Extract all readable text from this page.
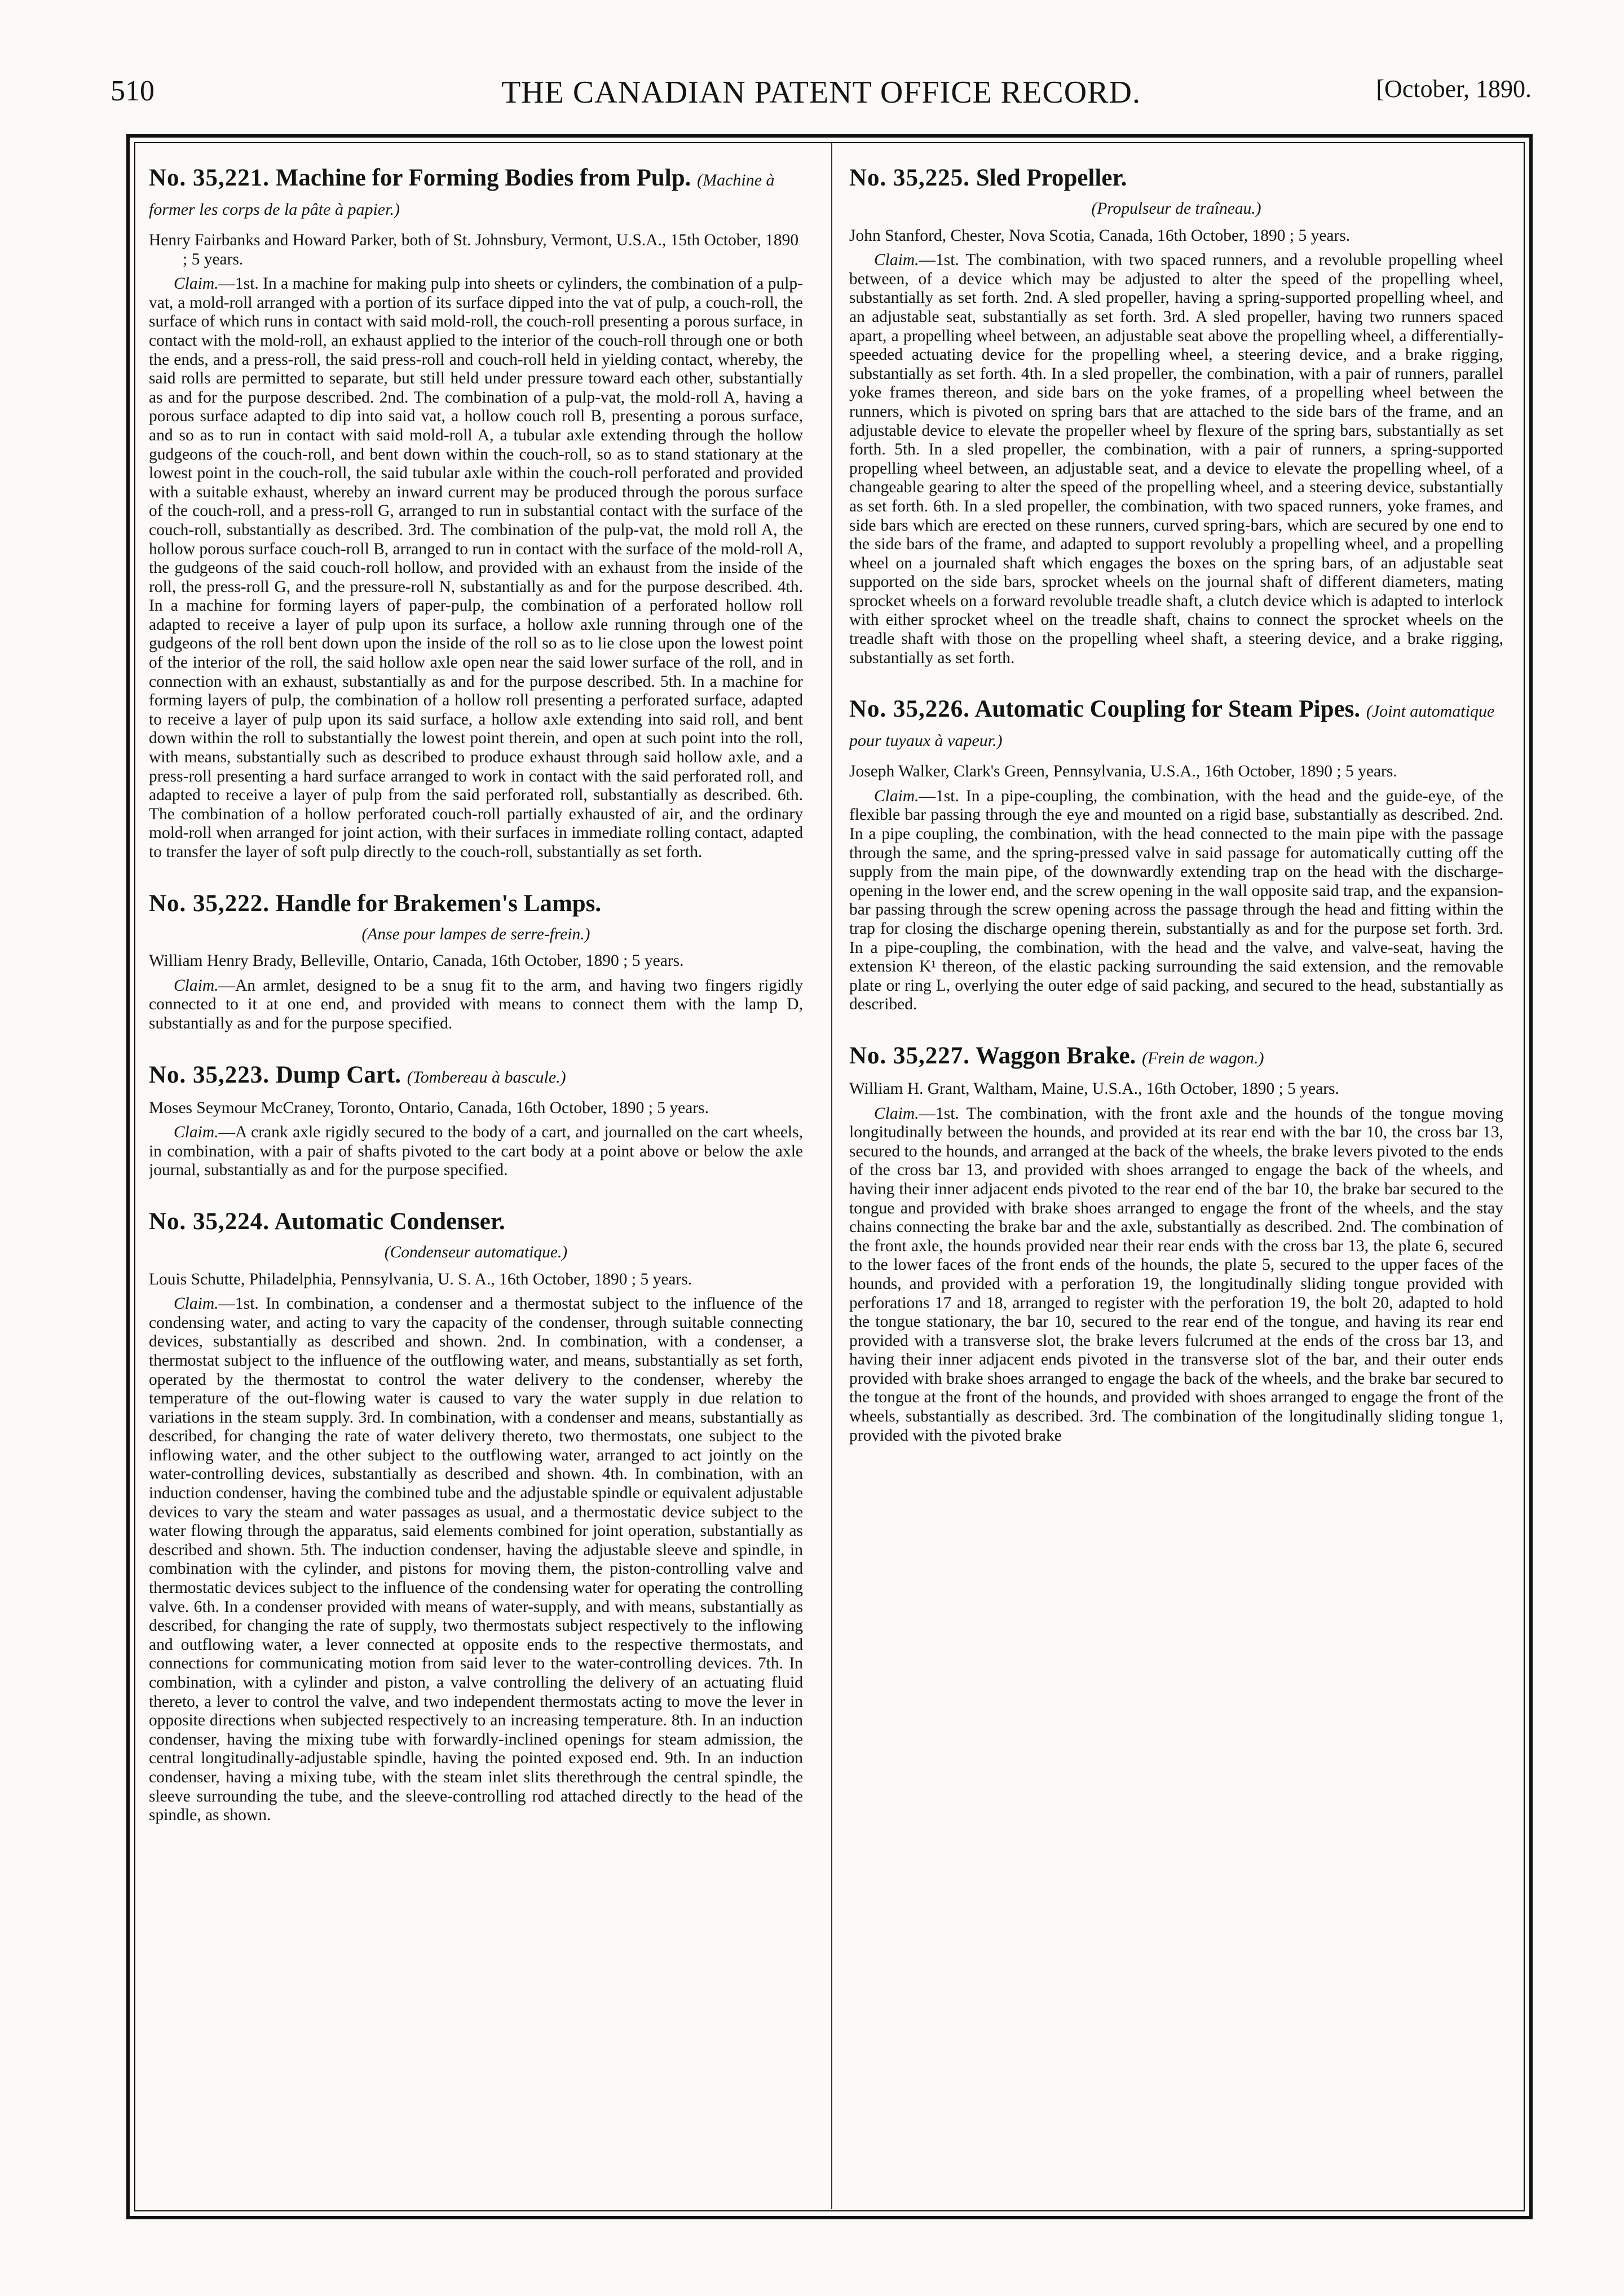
510	THE CANADIAN PATENT OFFICE RECORD.	[October, 1890.

No. 35,221. Machine for Forming Bodies from Pulp. (Machine à former les corps de la pâte à papier.)

Henry Fairbanks and Howard Parker, both of St. Johnsbury, Vermont, U.S.A., 15th October, 1890 ; 5 years.

Claim.—1st. In a machine for making pulp into sheets or cylinders, the combination of a pulp-vat, a mold-roll arranged with a portion of its surface dipped into the vat of pulp, a couch-roll, the surface of which runs in contact with said mold-roll, the couch-roll presenting a porous surface, in contact with the mold-roll, an exhaust applied to the interior of the couch-roll through one or both the ends, and a press-roll, the said press-roll and couch-roll held in yielding contact, whereby, the said rolls are permitted to separate, but still held under pressure toward each other, substantially as and for the purpose described. 2nd. The combination of a pulp-vat, the mold-roll A, having a porous surface adapted to dip into said vat, a hollow couch roll B, presenting a porous surface, and so as to run in contact with said mold-roll A, a tubular axle extending through the hollow gudgeons of the couch-roll, and bent down within the couch-roll, so as to stand stationary at the lowest point in the couch-roll, the said tubular axle within the couch-roll perforated and provided with a suitable exhaust, whereby an inward current may be produced through the porous surface of the couch-roll, and a press-roll G, arranged to run in substantial contact with the surface of the couch-roll, substantially as described. 3rd. The combination of the pulp-vat, the mold roll A, the hollow porous surface couch-roll B, arranged to run in contact with the surface of the mold-roll A, the gudgeons of the said couch-roll hollow, and provided with an exhaust from the inside of the roll, the press-roll G, and the pressure-roll N, substantially as and for the purpose described. 4th. In a machine for forming layers of paper-pulp, the combination of a perforated hollow roll adapted to receive a layer of pulp upon its surface, a hollow axle running through one of the gudgeons of the roll bent down upon the inside of the roll so as to lie close upon the lowest point of the interior of the roll, the said hollow axle open near the said lower surface of the roll, and in connection with an exhaust, substantially as and for the purpose described. 5th. In a machine for forming layers of pulp, the combination of a hollow roll presenting a perforated surface, adapted to receive a layer of pulp upon its said surface, a hollow axle extending into said roll, and bent down within the roll to substantially the lowest point therein, and open at such point into the roll, with means, substantially such as described to produce exhaust through said hollow axle, and a press-roll presenting a hard surface arranged to work in contact with the said perforated roll, and adapted to receive a layer of pulp from the said perforated roll, substantially as described. 6th. The combination of a hollow perforated couch-roll partially exhausted of air, and the ordinary mold-roll when arranged for joint action, with their surfaces in immediate rolling contact, adapted to transfer the layer of soft pulp directly to the couch-roll, substantially as set forth.

No. 35,222. Handle for Brakemen's Lamps.

(Anse pour lampes de serre-frein.)

William Henry Brady, Belleville, Ontario, Canada, 16th October, 1890 ; 5 years.

Claim.—An armlet, designed to be a snug fit to the arm, and having two fingers rigidly connected to it at one end, and provided with means to connect them with the lamp D, substantially as and for the purpose specified.

No. 35,223. Dump Cart. (Tombereau à bascule.)

Moses Seymour McCraney, Toronto, Ontario, Canada, 16th October, 1890 ; 5 years.

Claim.—A crank axle rigidly secured to the body of a cart, and journalled on the cart wheels, in combination, with a pair of shafts pivoted to the cart body at a point above or below the axle journal, substantially as and for the purpose specified.

No. 35,224. Automatic Condenser.

(Condenseur automatique.)

Louis Schutte, Philadelphia, Pennsylvania, U. S. A., 16th October, 1890 ; 5 years.

Claim.—1st. In combination, a condenser and a thermostat subject to the influence of the condensing water, and acting to vary the capacity of the condenser, through suitable connecting devices, substantially as described and shown. 2nd. In combination, with a condenser, a thermostat subject to the influence of the outflowing water, and means, substantially as set forth, operated by the thermostat to control the water delivery to the condenser, whereby the temperature of the out-flowing water is caused to vary the water supply in due relation to variations in the steam supply. 3rd. In combination, with a condenser and means, substantially as described, for changing the rate of water delivery thereto, two thermostats, one subject to the inflowing water, and the other subject to the outflowing water, arranged to act jointly on the water-controlling devices, substantially as described and shown. 4th. In combination, with an induction condenser, having the combined tube and the adjustable spindle or equivalent adjustable devices to vary the steam and water passages as usual, and a thermostatic device subject to the water flowing through the apparatus, said elements combined for joint operation, substantially as described and shown. 5th. The induction condenser, having the adjustable sleeve and spindle, in combination with the cylinder, and pistons for moving them, the piston-controlling valve and thermostatic devices subject to the influence of the condensing water for operating the controlling valve. 6th. In a condenser provided with means of water-supply, and with means, substantially as described, for changing the rate of supply, two thermostats subject respectively to the inflowing and outflowing water, a lever connected at opposite ends to the respective thermostats, and connections for communicating motion from said lever to the water-controlling devices. 7th. In combination, with a cylinder and piston, a valve controlling the delivery of an actuating fluid thereto, a lever to control the valve, and two independent thermostats acting to move the lever in opposite directions when subjected respectively to an increasing temperature. 8th. In an induction condenser, having the mixing tube with forwardly-inclined openings for steam admission, the central longitudinally-adjustable spindle, having the pointed exposed end. 9th. In an induction condenser, having a mixing tube, with the steam inlet slits therethrough the central spindle, the sleeve surrounding the tube, and the sleeve-controlling rod attached directly to the head of the spindle, as shown.

No. 35,225. Sled Propeller.

(Propulseur de traîneau.)

John Stanford, Chester, Nova Scotia, Canada, 16th October, 1890 ; 5 years.

Claim.—1st. The combination, with two spaced runners, and a revoluble propelling wheel between, of a device which may be adjusted to alter the speed of the propelling wheel, substantially as set forth. 2nd. A sled propeller, having a spring-supported propelling wheel, and an adjustable seat, substantially as set forth. 3rd. A sled propeller, having two runners spaced apart, a propelling wheel between, an adjustable seat above the propelling wheel, a differentially-speeded actuating device for the propelling wheel, a steering device, and a brake rigging, substantially as set forth. 4th. In a sled propeller, the combination, with a pair of runners, parallel yoke frames thereon, and side bars on the yoke frames, of a propelling wheel between the runners, which is pivoted on spring bars that are attached to the side bars of the frame, and an adjustable device to elevate the propeller wheel by flexure of the spring bars, substantially as set forth. 5th. In a sled propeller, the combination, with a pair of runners, a spring-supported propelling wheel between, an adjustable seat, and a device to elevate the propelling wheel, of a changeable gearing to alter the speed of the propelling wheel, and a steering device, substantially as set forth. 6th. In a sled propeller, the combination, with two spaced runners, yoke frames, and side bars which are erected on these runners, curved spring-bars, which are secured by one end to the side bars of the frame, and adapted to support revolubly a propelling wheel, and a propelling wheel on a journaled shaft which engages the boxes on the spring bars, of an adjustable seat supported on the side bars, sprocket wheels on the journal shaft of different diameters, mating sprocket wheels on a forward revoluble treadle shaft, a clutch device which is adapted to interlock with either sprocket wheel on the treadle shaft, chains to connect the sprocket wheels on the treadle shaft with those on the propelling wheel shaft, a steering device, and a brake rigging, substantially as set forth.

No. 35,226. Automatic Coupling for Steam Pipes. (Joint automatique pour tuyaux à vapeur.)

Joseph Walker, Clark's Green, Pennsylvania, U.S.A., 16th October, 1890 ; 5 years.

Claim.—1st. In a pipe-coupling, the combination, with the head and the guide-eye, of the flexible bar passing through the eye and mounted on a rigid base, substantially as described. 2nd. In a pipe coupling, the combination, with the head connected to the main pipe with the passage through the same, and the spring-pressed valve in said passage for automatically cutting off the supply from the main pipe, of the downwardly extending trap on the head with the discharge-opening in the lower end, and the screw opening in the wall opposite said trap, and the expansion-bar passing through the screw opening across the passage through the head and fitting within the trap for closing the discharge opening therein, substantially as and for the purpose set forth. 3rd. In a pipe-coupling, the combination, with the head and the valve, and valve-seat, having the extension K¹ thereon, of the elastic packing surrounding the said extension, and the removable plate or ring L, overlying the outer edge of said packing, and secured to the head, substantially as described.

No. 35,227. Waggon Brake. (Frein de wagon.)

William H. Grant, Waltham, Maine, U.S.A., 16th October, 1890 ; 5 years.

Claim.—1st. The combination, with the front axle and the hounds of the tongue moving longitudinally between the hounds, and provided at its rear end with the bar 10, the cross bar 13, secured to the hounds, and arranged at the back of the wheels, the brake levers pivoted to the ends of the cross bar 13, and provided with shoes arranged to engage the back of the wheels, and having their inner adjacent ends pivoted to the rear end of the bar 10, the brake bar secured to the tongue and provided with brake shoes arranged to engage the front of the wheels, and the stay chains connecting the brake bar and the axle, substantially as described. 2nd. The combination of the front axle, the hounds provided near their rear ends with the cross bar 13, the plate 6, secured to the lower faces of the front ends of the hounds, the plate 5, secured to the upper faces of the hounds, and provided with a perforation 19, the longitudinally sliding tongue provided with perforations 17 and 18, arranged to register with the perforation 19, the bolt 20, adapted to hold the tongue stationary, the bar 10, secured to the rear end of the tongue, and having its rear end provided with a transverse slot, the brake levers fulcrumed at the ends of the cross bar 13, and having their inner adjacent ends pivoted in the transverse slot of the bar, and their outer ends provided with brake shoes arranged to engage the back of the wheels, and the brake bar secured to the tongue at the front of the hounds, and provided with shoes arranged to engage the front of the wheels, substantially as described. 3rd. The combination of the longitudinally sliding tongue 1, provided with the pivoted brake
